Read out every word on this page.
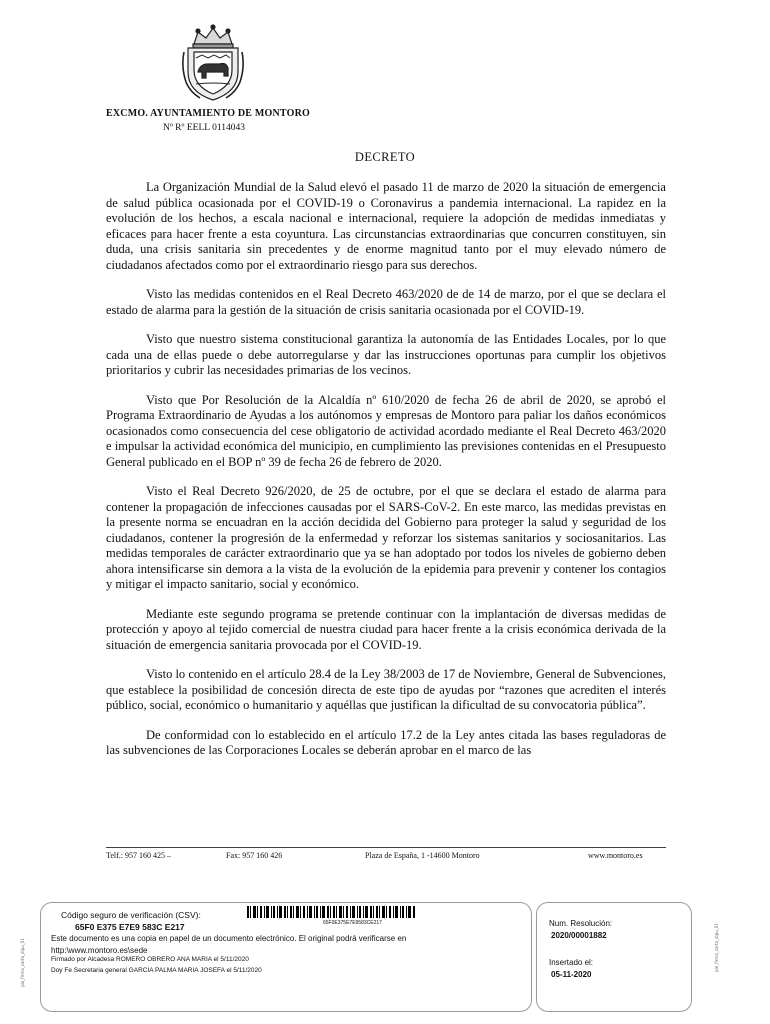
EXCMO. AYUNTAMIENTO DE MONTORO
Nº Rº EELL 0114043
DECRETO

La Organización Mundial de la Salud elevó el pasado 11 de marzo de 2020 la situación de emergencia de salud pública ocasionada por el COVID-19 o Coronavirus a pandemia internacional. La rapidez en la evolución de los hechos, a escala nacional e internacional, requiere la adopción de medidas inmediatas y eficaces para hacer frente a esta coyuntura. Las circunstancias extraordinarias que concurren constituyen, sin duda, una crisis sanitaria sin precedentes y de enorme magnitud tanto por el muy elevado número de ciudadanos afectados como por el extraordinario riesgo para sus derechos.

Visto las medidas contenidos en el Real Decreto 463/2020 de de 14 de marzo, por el que se declara el estado de alarma para la gestión de la situación de crisis sanitaria ocasionada por el COVID-19.

Visto que nuestro sistema constitucional garantiza la autonomía de las Entidades Locales, por lo que cada una de ellas puede o debe autorregularse y dar las instrucciones oportunas para cumplir los objetivos prioritarios y cubrir las necesidades primarias de los vecinos.

Visto que Por Resolución de la Alcaldía nº 610/2020 de fecha 26 de abril de 2020, se aprobó el Programa Extraordinario de Ayudas a los autónomos y empresas de Montoro para paliar los daños económicos ocasionados como consecuencia del cese obligatorio de actividad acordado mediante el Real Decreto 463/2020 e impulsar la actividad económica del municipio, en cumplimiento las previsiones contenidas en el Presupuesto General publicado en el BOP nº 39 de fecha 26 de febrero de 2020.

Visto el Real Decreto 926/2020, de 25 de octubre, por el que se declara el estado de alarma para contener la propagación de infecciones causadas por el SARS-CoV-2. En este marco, las medidas previstas en la presente norma se encuadran en la acción decidida del Gobierno para proteger la salud y seguridad de los ciudadanos, contener la progresión de la enfermedad y reforzar los sistemas sanitarios y sociosanitarios. Las medidas temporales de carácter extraordinario que ya se han adoptado por todos los niveles de gobierno deben ahora intensificarse sin demora a la vista de la evolución de la epidemia para prevenir y contener los contagios y mitigar el impacto sanitario, social y económico.

Mediante este segundo programa se pretende continuar con la implantación de diversas medidas de protección y apoyo al tejido comercial de nuestra ciudad para hacer frente a la crisis económica derivada de la situación de emergencia sanitaria provocada por el COVID-19.

Visto lo contenido en el artículo 28.4 de la Ley 38/2003 de 17 de Noviembre, General de Subvenciones, que establece la posibilidad de concesión directa de este tipo de ayudas por “razones que acrediten el interés público, social, económico o humanitario y aquéllas que justifican la dificultad de su convocatoria pública”.

De conformidad con lo establecido en el artículo 17.2 de la Ley antes citada las bases reguladoras de las subvenciones de las Corporaciones Locales se deberán aprobar en el marco de las

Telf.: 957 160 425 –	Fax: 957 160 426	Plaza de España, 1 -14600 Montoro	www.montoro.es
pie_firma_corto_dipu_01	pie_firma_corto_dipu_01
Código seguro de verificación (CSV):
65F0 E375 E7E9 583C E217	65F0E375E7E9583CE217
Este documento es una copia en papel de un documento electrónico. El original podrá verificarse en http:\www.montoro.es\sede
Firmado por Alcadesa ROMERO OBRERO ANA MARIA el 5/11/2020
Doy Fe Secretaria general GARCIA PALMA MARIA JOSEFA el 5/11/2020
Num. Resolución:
2020/00001882
Insertado el:
05-11-2020
